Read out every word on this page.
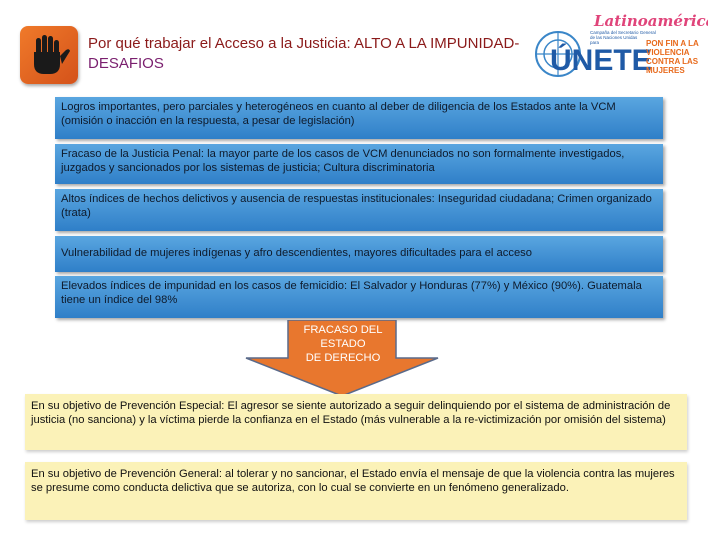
Por qué trabajar el Acceso a la Justicia: ALTO A LA IMPUNIDAD- DESAFIOS
Latinoamérica
ÚNETE
Campaña del Secretario General
de las Naciones Unidas
para	PON FIN A LA
VIOLENCIA
CONTRA LAS
MUJERES
Logros importantes, pero parciales y heterogéneos en cuanto al deber de diligencia de los Estados ante la VCM (omisión o inacción en la respuesta, a pesar de legislación)
Fracaso de la Justicia Penal: la mayor parte de los casos de VCM denunciados no son formalmente investigados, juzgados y sancionados por los sistemas de justicia; Cultura discriminatoria
Altos índices de hechos delictivos y ausencia de respuestas institucionales: Inseguridad ciudadana; Crimen organizado (trata)
Vulnerabilidad de mujeres indígenas y afro descendientes, mayores dificultades para el acceso
Elevados índices de impunidad en los casos de femicidio: El Salvador y Honduras (77%) y México (90%). Guatemala tiene un índice del 98%
FRACASO DEL
ESTADO
DE DERECHO
En su objetivo de Prevención Especial: El agresor se siente autorizado a seguir delinquiendo por el sistema de administración de justicia (no sanciona) y la víctima pierde la confianza en el Estado (más vulnerable a la re-victimización por omisión del sistema)
En su objetivo de Prevención General: al tolerar y no sancionar, el Estado envía el mensaje de que la violencia contra las mujeres se presume como conducta delictiva que se autoriza, con lo cual se convierte en un fenómeno generalizado.
